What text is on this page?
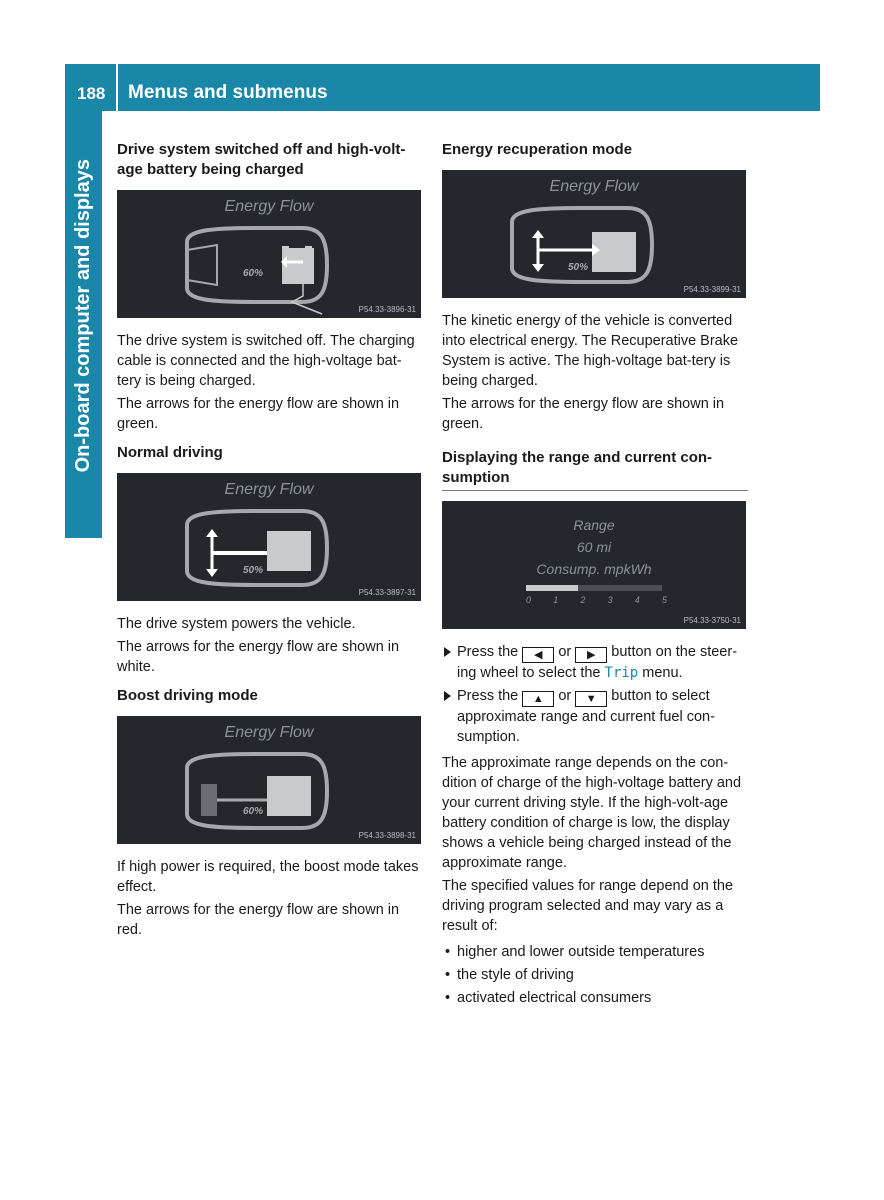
188 Menus and submenus
On-board computer and displays
Drive system switched off and high-volt-age battery being charged
Energy Flow
60%
P54.33-3896-31

The drive system is switched off. The charging cable is connected and the high-voltage bat-tery is being charged.

The arrows for the energy flow are shown in green.

Normal driving
Energy Flow
50%
P54.33-3897-31

The drive system powers the vehicle.

The arrows for the energy flow are shown in white.

Boost driving mode
Energy Flow
60%
P54.33-3898-31

If high power is required, the boost mode takes effect.

The arrows for the energy flow are shown in red.

Energy recuperation mode
Energy Flow
50%
P54.33-3899-31

The kinetic energy of the vehicle is converted into electrical energy. The Recuperative Brake System is active. The high-voltage bat-tery is being charged.

The arrows for the energy flow are shown in green.

Displaying the range and current con-sumption
Range
60 mi
Consump. mpkWh
0 1 2 3 4 5
P54.33-3750-31
Press the ◀ or ▶ button on the steer-ing wheel to select the Trip menu.
Press the ▲ or ▼ button to select approximate range and current fuel con-sumption.

The approximate range depends on the con-dition of charge of the high-voltage battery and your current driving style. If the high-volt-age battery condition of charge is low, the display shows a vehicle being charged instead of the approximate range.

The specified values for range depend on the driving program selected and may vary as a result of:

• higher and lower outside temperatures
• the style of driving
• activated electrical consumers
